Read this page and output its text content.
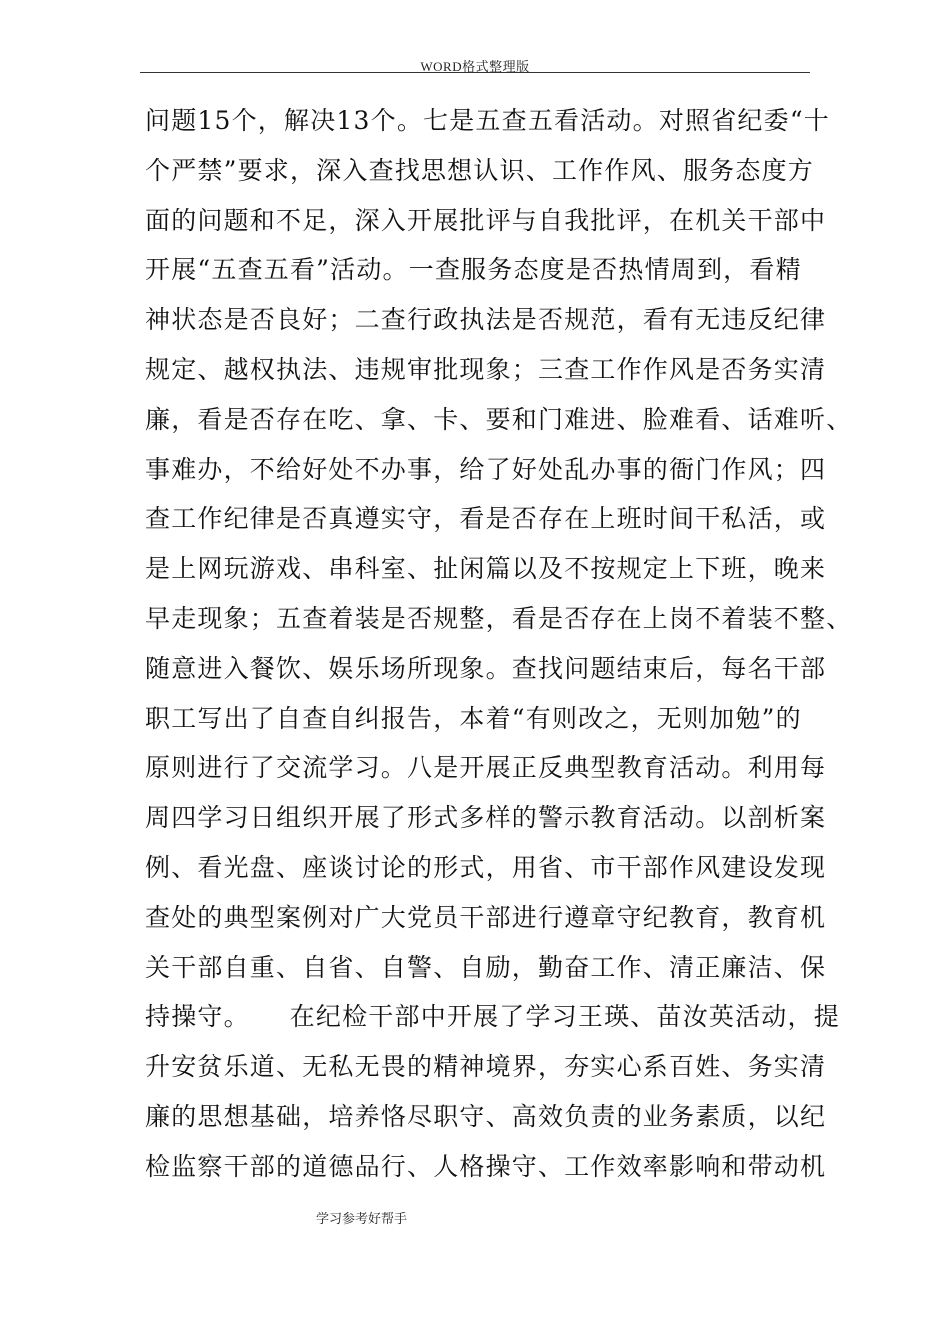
WORD格式整理版
问题15个，解决13个。七是五查五看活动。对照省纪委“十
个严禁”要求，深入查找思想认识、工作作风、服务态度方
面的问题和不足，深入开展批评与自我批评，在机关干部中
开展“五查五看”活动。一查服务态度是否热情周到，看精
神状态是否良好；二查行政执法是否规范，看有无违反纪律
规定、越权执法、违规审批现象；三查工作作风是否务实清
廉，看是否存在吃、拿、卡、要和门难进、脸难看、话难听、
事难办，不给好处不办事，给了好处乱办事的衙门作风；四
查工作纪律是否真遵实守，看是否存在上班时间干私活，或
是上网玩游戏、串科室、扯闲篇以及不按规定上下班，晚来
早走现象；五查着装是否规整，看是否存在上岗不着装不整、
随意进入餐饮、娱乐场所现象。查找问题结束后，每名干部
职工写出了自查自纠报告，本着“有则改之，无则加勉”的
原则进行了交流学习。八是开展正反典型教育活动。利用每
周四学习日组织开展了形式多样的警示教育活动。以剖析案
例、看光盘、座谈讨论的形式，用省、市干部作风建设发现
查处的典型案例对广大党员干部进行遵章守纪教育，教育机
关干部自重、自省、自警、自励，勤奋工作、清正廉洁、保
持操守。　　在纪检干部中开展了学习王瑛、苗汝英活动，提
升安贫乐道、无私无畏的精神境界，夯实心系百姓、务实清
廉的思想基础，培养恪尽职守、高效负责的业务素质，以纪
检监察干部的道德品行、人格操守、工作效率影响和带动机
学习参考好帮手
